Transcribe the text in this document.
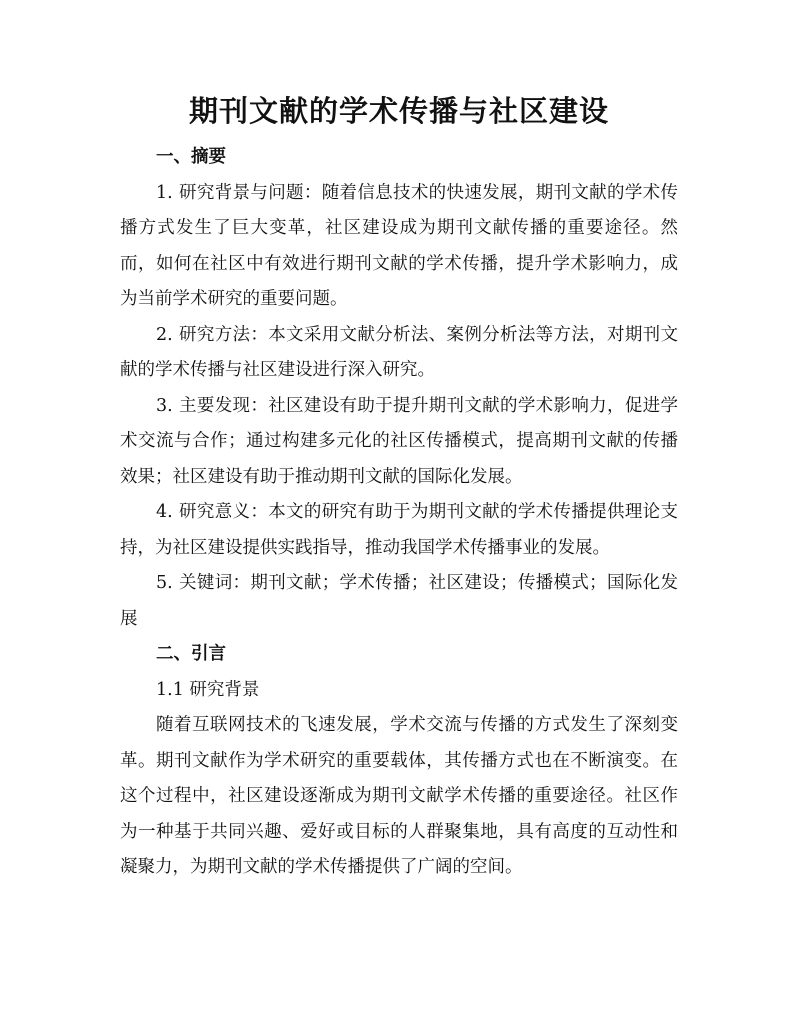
期刊文献的学术传播与社区建设

一、摘要

1. 研究背景与问题：随着信息技术的快速发展，期刊文献的学术传播方式发生了巨大变革，社区建设成为期刊文献传播的重要途径。然而，如何在社区中有效进行期刊文献的学术传播，提升学术影响力，成为当前学术研究的重要问题。

2. 研究方法：本文采用文献分析法、案例分析法等方法，对期刊文献的学术传播与社区建设进行深入研究。

3. 主要发现：社区建设有助于提升期刊文献的学术影响力，促进学术交流与合作；通过构建多元化的社区传播模式，提高期刊文献的传播效果；社区建设有助于推动期刊文献的国际化发展。

4. 研究意义：本文的研究有助于为期刊文献的学术传播提供理论支持，为社区建设提供实践指导，推动我国学术传播事业的发展。

5. 关键词：期刊文献；学术传播；社区建设；传播模式；国际化发展

二、引言

1.1 研究背景

随着互联网技术的飞速发展，学术交流与传播的方式发生了深刻变革。期刊文献作为学术研究的重要载体，其传播方式也在不断演变。在这个过程中，社区建设逐渐成为期刊文献学术传播的重要途径。社区作为一种基于共同兴趣、爱好或目标的人群聚集地，具有高度的互动性和凝聚力，为期刊文献的学术传播提供了广阔的空间。
